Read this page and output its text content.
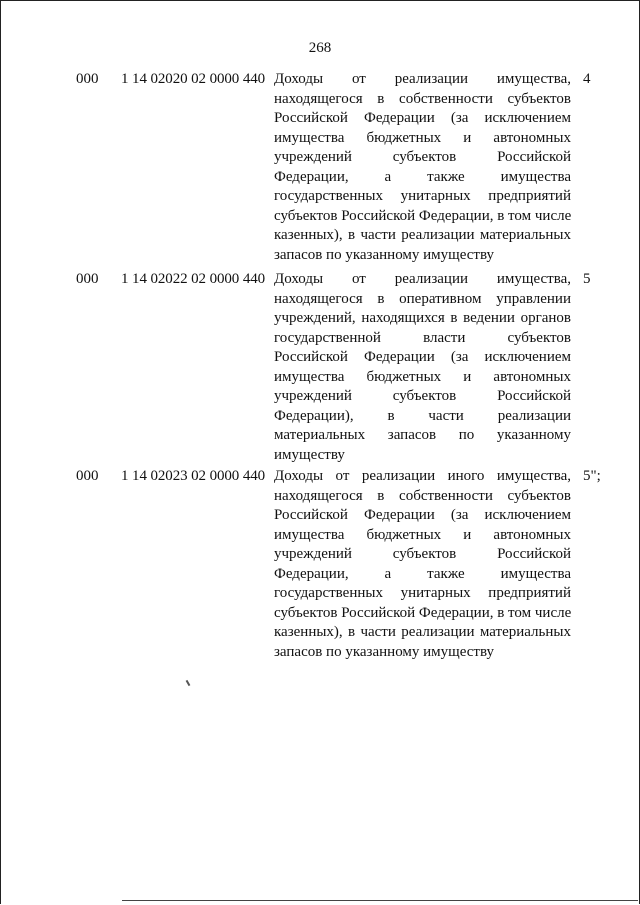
268
000 1 14 02020 02 0000 440 Доходы от реализации имущества,
находящегося в собственности субъектов
Российской Федерации (за исключением
имущества бюджетных и автономных
учреждений субъектов Российской
Федерации, а также имущества
государственных унитарных предприятий
субъектов Российской Федерации, в том числе
казенных), в части реализации материальных
запасов по указанному имуществу
4
000 1 14 02022 02 0000 440 Доходы от реализации имущества,
находящегося в оперативном управлении
учреждений, находящихся в ведении органов
государственной власти субъектов
Российской Федерации (за исключением
имущества бюджетных и автономных
учреждений субъектов Российской
Федерации), в части реализации
материальных запасов по указанному
имуществу
5
000 1 14 02023 02 0000 440 Доходы от реализации иного имущества,
находящегося в собственности субъектов
Российской Федерации (за исключением
имущества бюджетных и автономных
учреждений субъектов Российской
Федерации, а также имущества
государственных унитарных предприятий
субъектов Российской Федерации, в том числе
казенных), в части реализации материальных
запасов по указанному имуществу
5";
